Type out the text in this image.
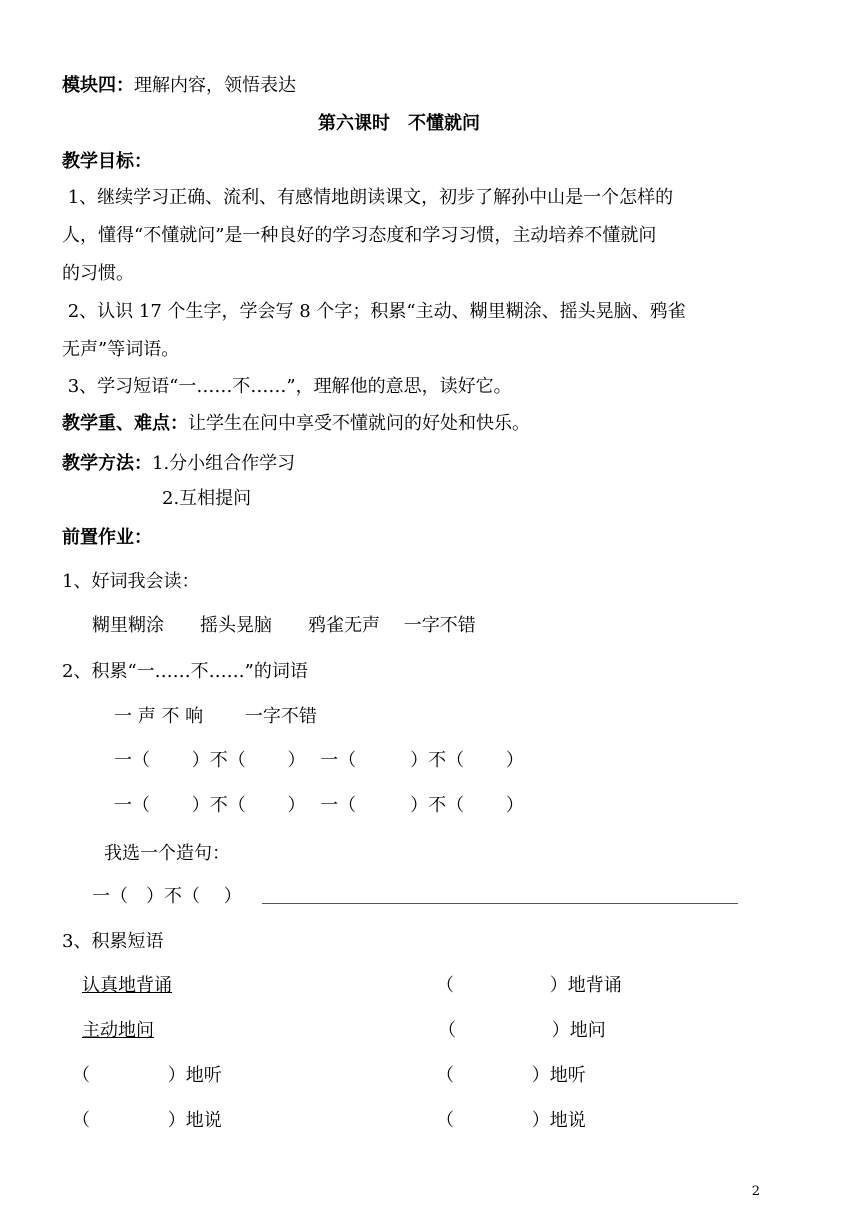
模块四：理解内容，领悟表达
第六课时　不懂就问
教学目标：
1、继续学习正确、流利、有感情地朗读课文，初步了解孙中山是一个怎样的
人，懂得“不懂就问”是一种良好的学习态度和学习习惯，主动培养不懂就问
的习惯。
2、认识 17 个生字，学会写 8 个字；积累“主动、糊里糊涂、摇头晃脑、鸦雀
无声”等词语。
3、学习短语“一……不……”，理解他的意思，读好它。
教学重、难点：让学生在问中享受不懂就问的好处和快乐。
教学方法：1.分小组合作学习
2.互相提问
前置作业：
1、好词我会读：
糊里糊涂　　摇头晃脑　　鸦雀无声　 一字不错
2、积累“一……不……”的词语
一 声 不 响　　 一字不错
一（　　 ）不（　　 ）　 一（　　　）不（　　 ）
一（　　 ）不（　　 ）　 一（　　　）不（　　 ）
我选一个造句：
一（　）不（　 ）
3、积累短语
认真地背诵	（　　　　　 ）地背诵
主动地问	（　　　　　 ）地问
（　　　　 ）地听	（　　　　 ）地听
（　　　　 ）地说	（　　　　 ）地说
2
